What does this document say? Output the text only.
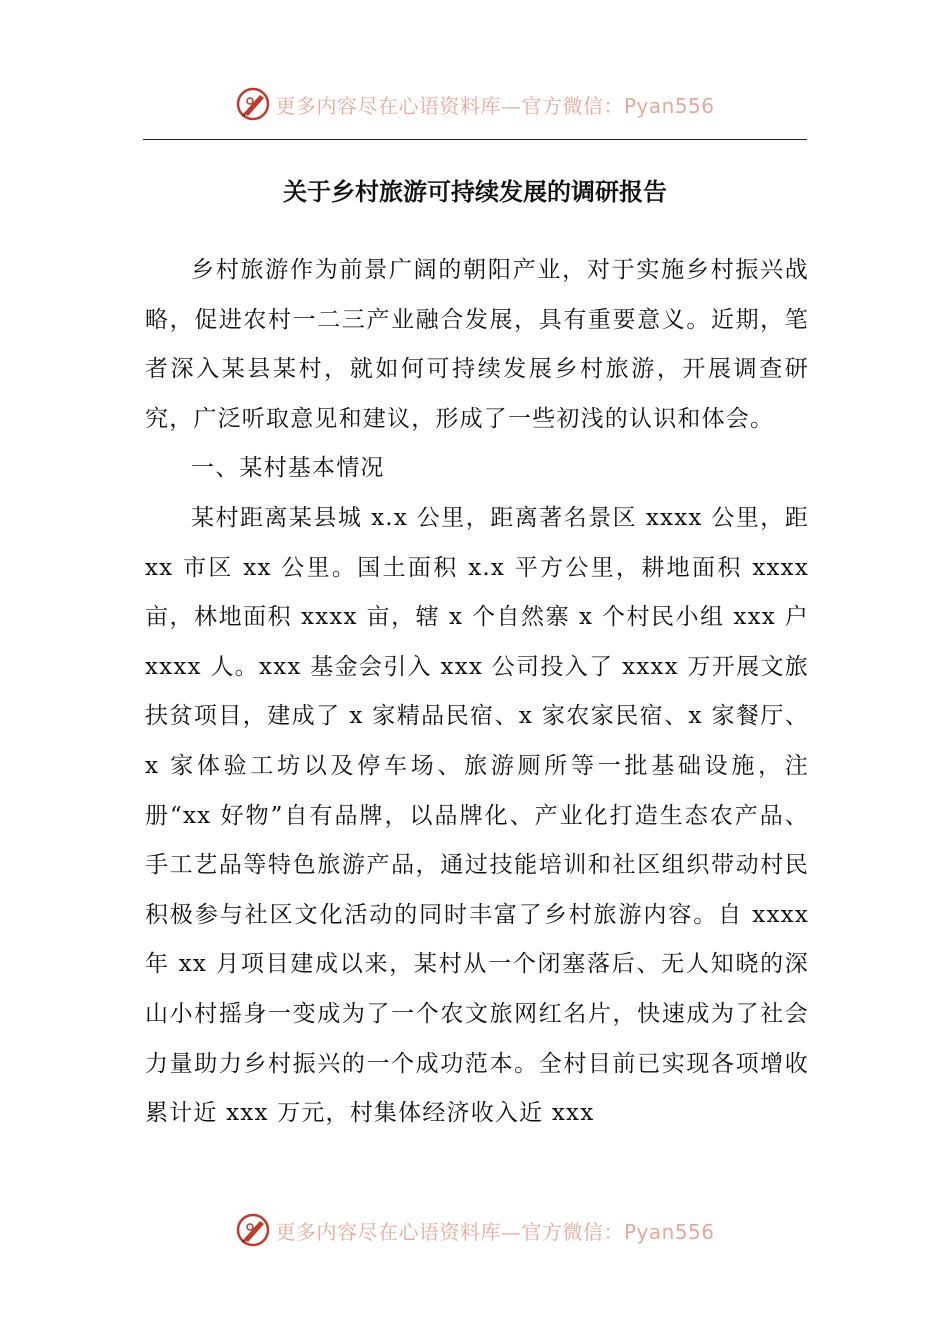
更多内容尽在心语资料库—官方微信：Pyan556
关于乡村旅游可持续发展的调研报告

乡村旅游作为前景广阔的朝阳产业，对于实施乡村振兴战略，促进农村一二三产业融合发展，具有重要意义。近期，笔者深入某县某村，就如何可持续发展乡村旅游，开展调查研究，广泛听取意见和建议，形成了一些初浅的认识和体会。

一、某村基本情况

某村距离某县城 x.x 公里，距离著名景区 xxxx 公里，距 xx 市区 xx 公里。国土面积 x.x 平方公里，耕地面积 xxxx 亩，林地面积 xxxx 亩，辖 x 个自然寨 x 个村民小组 xxx 户 xxxx 人。xxx 基金会引入 xxx 公司投入了 xxxx 万开展文旅扶贫项目，建成了 x 家精品民宿、x 家农家民宿、x 家餐厅、x 家体验工坊以及停车场、旅游厕所等一批基础设施，注册“xx 好物”自有品牌，以品牌化、产业化打造生态农产品、手工艺品等特色旅游产品，通过技能培训和社区组织带动村民积极参与社区文化活动的同时丰富了乡村旅游内容。自 xxxx 年 xx 月项目建成以来，某村从一个闭塞落后、无人知晓的深山小村摇身一变成为了一个农文旅网红名片，快速成为了社会力量助力乡村振兴的一个成功范本。全村目前已实现各项增收累计近 xxx 万元，村集体经济收入近 xxx

更多内容尽在心语资料库—官方微信：Pyan556
